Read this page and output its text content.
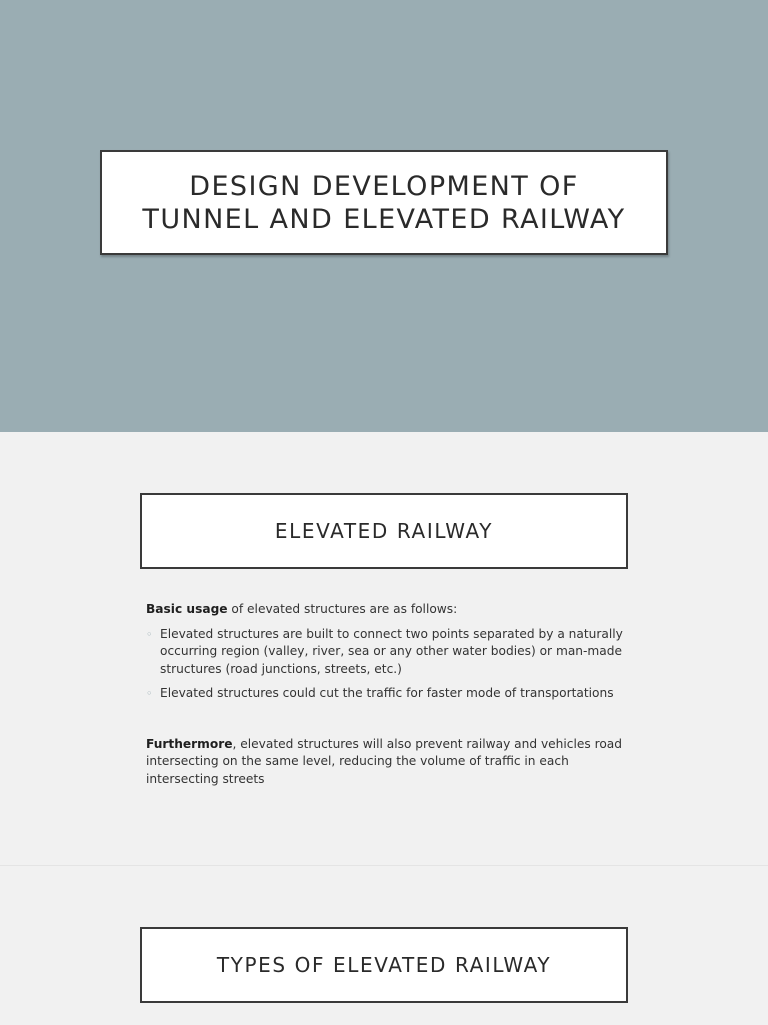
DESIGN DEVELOPMENT OF
TUNNEL AND ELEVATED RAILWAY
ELEVATED RAILWAY

Basic usage of elevated structures are as follows:

◦ Elevated structures are built to connect two points separated by a naturally occurring region (valley, river, sea or any other water bodies) or man-made structures (road junctions, streets, etc.)
◦ Elevated structures could cut the traffic for faster mode of transportations

Furthermore, elevated structures will also prevent railway and vehicles road intersecting on the same level, reducing the volume of traffic in each intersecting streets

TYPES OF ELEVATED RAILWAY
